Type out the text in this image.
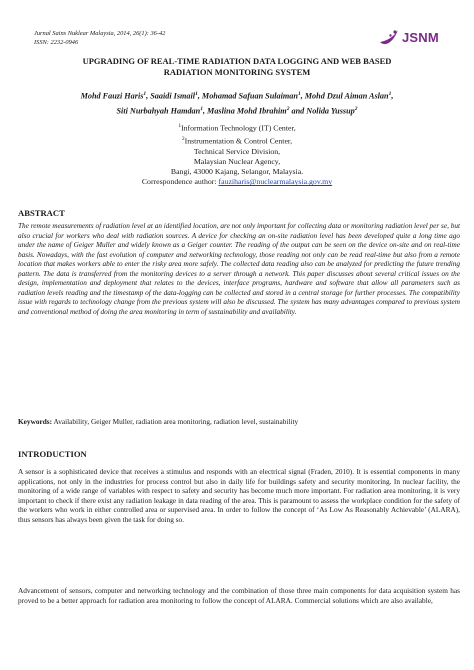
Jurnal Sains Nuklear Malaysia, 2014, 26(1): 36-42
ISSN: 2232-0946	JSNM
UPGRADING OF REAL-TIME RADIATION DATA LOGGING AND WEB BASED
RADIATION MONITORING SYSTEM
Mohd Fauzi Haris$^1$, Saaidi Ismail$^1$, Mohamad Safuan Sulaiman$^1$, Mohd Dzul Aiman Aslan$^1$,
Siti Nurbahyah Hamdan$^1$, Maslina Mohd Ibrahim$^2$ and Nolida Yussup$^2$
$^1$Information Technology (IT) Center,
$^2$Instrumentation & Control Center,
Technical Service Division,
Malaysian Nuclear Agency,
Bangi, 43000 Kajang, Selangor, Malaysia.
Correspondence author: fauziharis@nuclearmalaysia.gov.my
ABSTRACT

The remote measurements of radiation level at an identified location, are not only important for collecting data or monitoring radiation level per se, but also crucial for workers who deal with radiation sources. A device for checking an on-site radiation level has been developed quite a long time ago under the name of Geiger Muller and widely known as a Geiger counter. The reading of the output can be seen on the device on-site and on real-time basis. Nowadays, with the fast evolution of computer and networking technology, those reading not only can be read real-time but also from a remote location that makes workers able to enter the risky area more safely. The collected data reading also can be analyzed for predicting the future trending pattern. The data is transferred from the monitoring devices to a server through a network. This paper discusses about several critical issues on the design, implementation and deployment that relates to the devices, interface programs, hardware and software that allow all parameters such as radiation levels reading and the timestamp of the data-logging can be collected and stored in a central storage for further processes. The compatibility issue with regards to technology change from the previous system will also be discussed. The system has many advantages compared to previous system and conventional method of doing the area monitoring in term of sustainability and availability.

Keywords: Availability, Geiger Muller, radiation area monitoring, radiation level, sustainability

INTRODUCTION

A sensor is a sophisticated device that receives a stimulus and responds with an electrical signal (Fraden, 2010). It is essential components in many applications, not only in the industries for process control but also in daily life for buildings safety and security monitoring. In nuclear facility, the monitoring of a wide range of variables with respect to safety and security has become much more important. For radiation area monitoring, it is very important to check if there exist any radiation leakage in data reading of the area. This is paramount to assess the workplace condition for the safety of the workers who work in either controlled area or supervised area. In order to follow the concept of ‘As Low As Reasonably Achievable’ (ALARA), thus sensors has always been given the task for doing so.

Advancement of sensors, computer and networking technology and the combination of those three main components for data acquisition system has proved to be a better approach for radiation area monitoring to follow the concept of ALARA. Commercial solutions which are also available,
